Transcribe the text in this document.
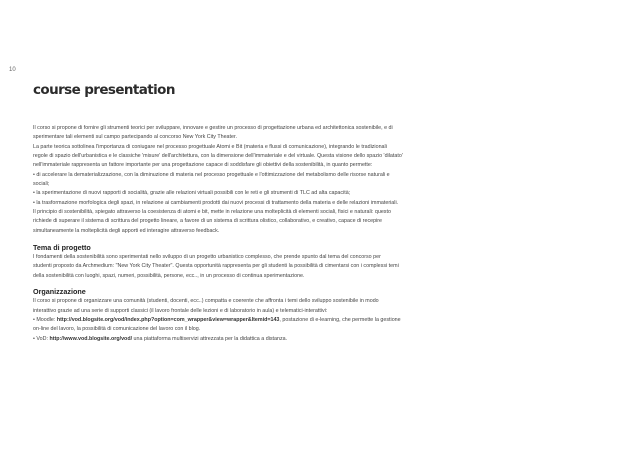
10
course presentation

Il corso si propone di fornire gli strumenti teorici per sviluppare, innovare e gestire un processo di progettazione urbana ed architettonica sostenibile, e di

sperimentare tali elementi sul campo partecipando al concorso New York City Theater.

La parte teorica sottolinea l'importanza di coniugare nel processo progettuale Atomi e Bit (materia e flussi di comunicazione), integrando le tradizionali

regole di spazio dell'urbanistica e le classiche 'misure' dell'architettura, con la dimensione dell'immateriale e del virtuale. Questa visione dello spazio 'dilatato'

nell'immateriale rappresenta un fattore importante per una progettazione capace di soddisfare gli obiettivi della sostenibilità, in quanto permette:

• di accelerare la dematerializzazione, con la diminuzione di materia nel processo progettuale e l'ottimizzazione del metabolismo delle risorse naturali e

sociali;

• la sperimentazione di nuovi rapporti di socialità, grazie alle relazioni virtuali possibili con le reti e gli strumenti di TLC ad alta capacità;

• la trasformazione morfologica degli spazi, in relazione ai cambiamenti prodotti dai nuovi processi di trattamento della materia e delle relazioni immateriali.

Il principio di sostenibilità, spiegato attraverso la coesistenza di atomi e bit, mette in relazione una molteplicità di elementi sociali, fisici e naturali: questo

richiede di superare il sistema di scrittura del progetto lineare, a favore di un sistema di scrittura olistico, collaborativo, e creativo, capace di recepire

simultaneamente la molteplicità degli apporti ed interagire attraverso feedback.

Tema di progetto

I fondamenti della sostenibilità sono sperimentati nello sviluppo di un progetto urbanistico complesso, che prende spunto dal tema del concorso per

studenti proposto da Archmedium: "New York City Theater". Questa opportunità rappresenta per gli studenti la possibilità di cimentarsi con i complessi temi

della sostenibilità con luoghi, spazi, numeri, possibilità, persone, ecc.., in un processo di continua sperimentazione.

Organizzazione

Il corso si propone di organizzare una comunità (studenti, docenti, ecc..) compatta e coerente che affronta i temi dello sviluppo sostenibile in modo

interattivo grazie ad una serie di supporti classici (il lavoro frontale delle lezioni e di laboratorio in aula) e telematici-interattivi:

• Moodle: http://vod.blogsite.org/vod/index.php?option=com_wrapper&view=wrapper&Itemid=143, postazione di e-learning, che permette la gestione

on-line del lavoro, la possibilità di comunicazione del lavoro con il blog.

• VoD: http://www.vod.blogsite.org/vod/ una piattaforma multiservizi attrezzata per la didattica a distanza.
